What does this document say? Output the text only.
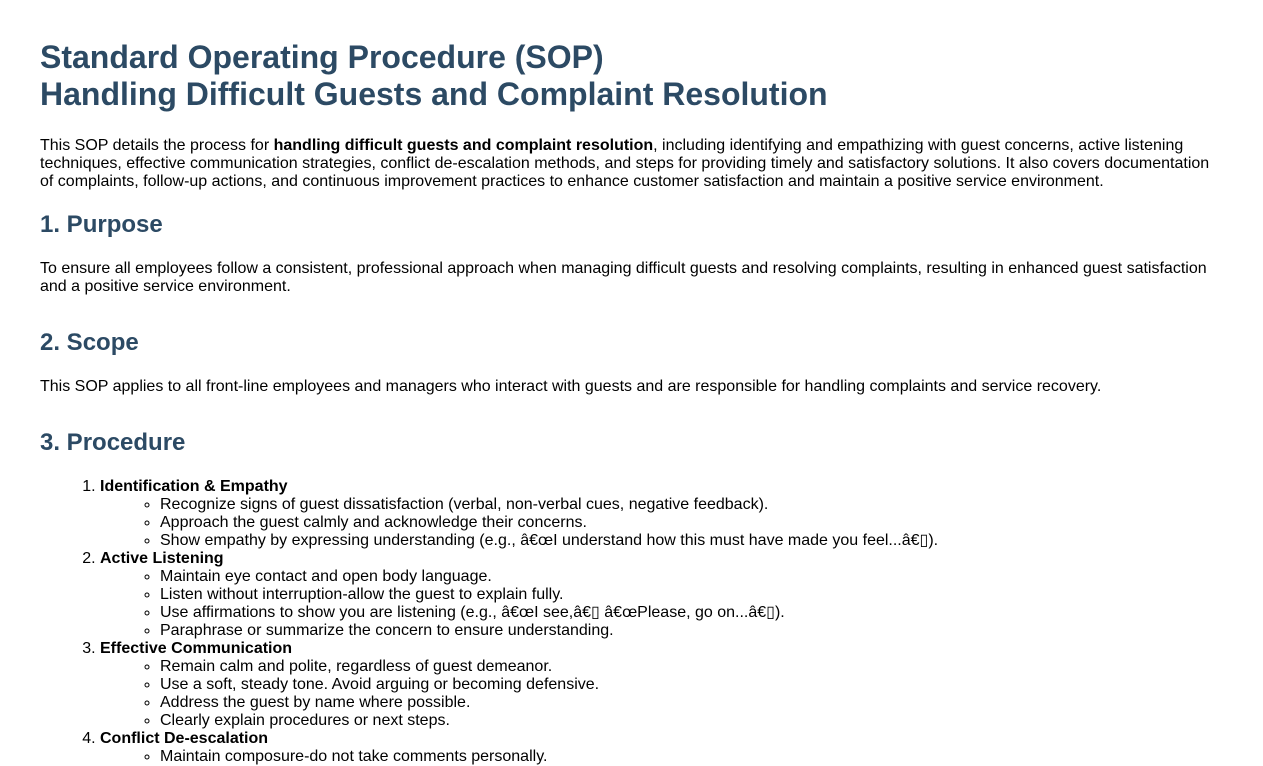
Standard Operating Procedure (SOP)
Handling Difficult Guests and Complaint Resolution

This SOP details the process for handling difficult guests and complaint resolution, including identifying and empathizing with guest concerns, active listening techniques, effective communication strategies, conflict de-escalation methods, and steps for providing timely and satisfactory solutions. It also covers documentation of complaints, follow-up actions, and continuous improvement practices to enhance customer satisfaction and maintain a positive service environment.

1. Purpose

To ensure all employees follow a consistent, professional approach when managing difficult guests and resolving complaints, resulting in enhanced guest satisfaction and a positive service environment.

2. Scope

This SOP applies to all front-line employees and managers who interact with guests and are responsible for handling complaints and service recovery.

3. Procedure
1. Identification & Empathy
◦ Recognize signs of guest dissatisfaction (verbal, non-verbal cues, negative feedback).
◦ Approach the guest calmly and acknowledge their concerns.
◦ Show empathy by expressing understanding (e.g., â€œI understand how this must have made you feel...â€▯).
2. Active Listening
◦ Maintain eye contact and open body language.
◦ Listen without interruption-allow the guest to explain fully.
◦ Use affirmations to show you are listening (e.g., â€œI see,â€▯ â€œPlease, go on...â€▯).
◦ Paraphrase or summarize the concern to ensure understanding.
3. Effective Communication
◦ Remain calm and polite, regardless of guest demeanor.
◦ Use a soft, steady tone. Avoid arguing or becoming defensive.
◦ Address the guest by name where possible.
◦ Clearly explain procedures or next steps.
4. Conflict De-escalation
◦ Maintain composure-do not take comments personally.
